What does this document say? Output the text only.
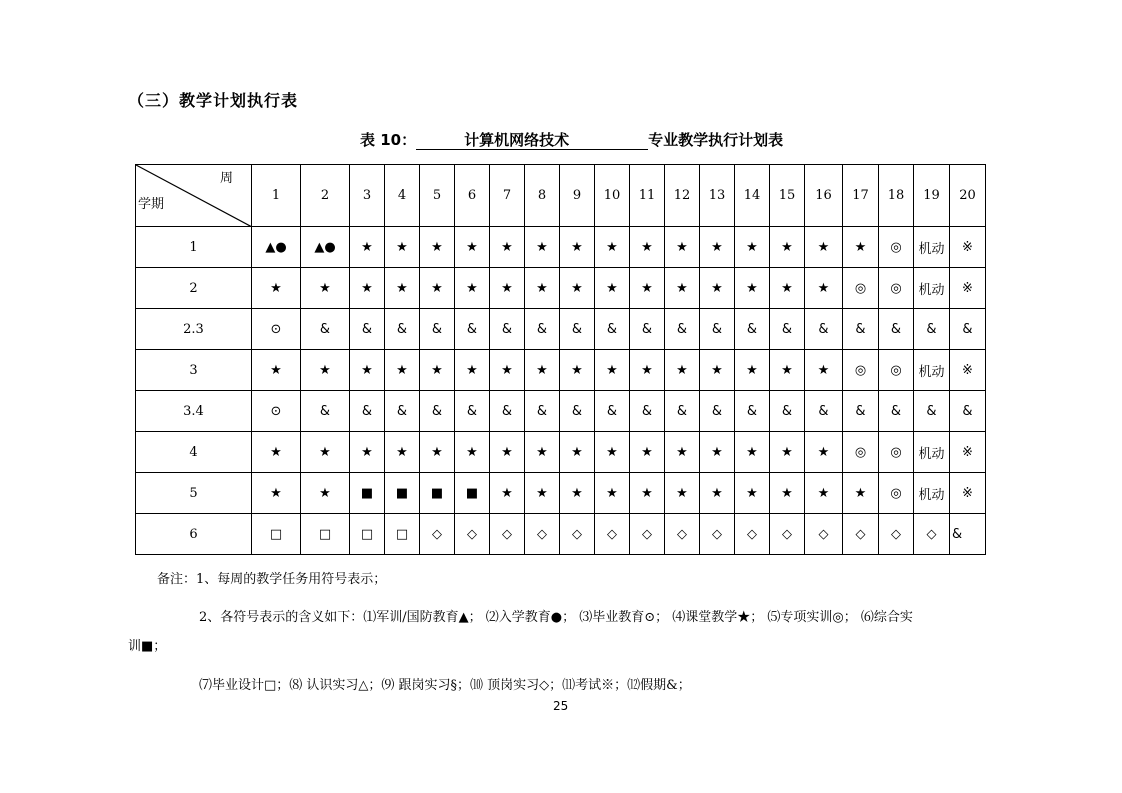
（三）教学计划执行表
表 10：	计算机网络技术	专业教学执行计划表
周
学期	1	2	3	4	5	6	7	8	9	10	11	12	13	14	15	16	17	18	19	20
1	▲●	▲●	★	★	★	★	★	★	★	★	★	★	★	★	★	★	★	◎	机动	※
2	★	★	★	★	★	★	★	★	★	★	★	★	★	★	★	★	◎	◎	机动	※
2.3	⊙	&	&	&	&	&	&	&	&	&	&	&	&	&	&	&	&	&	&	&
3	★	★	★	★	★	★	★	★	★	★	★	★	★	★	★	★	◎	◎	机动	※
3.4	⊙	&	&	&	&	&	&	&	&	&	&	&	&	&	&	&	&	&	&	&
4	★	★	★	★	★	★	★	★	★	★	★	★	★	★	★	★	◎	◎	机动	※
5	★	★	■	■	■	■	★	★	★	★	★	★	★	★	★	★	★	◎	机动	※
6	□	□	□	□	◇	◇	◇	◇	◇	◇	◇	◇	◇	◇	◇	◇	◇	◇	◇	&
备注：1、每周的教学任务用符号表示；
2、各符号表示的含义如下：⑴军训/国防教育▲； ⑵入学教育●； ⑶毕业教育⊙； ⑷课堂教学★； ⑸专项实训◎； ⑹综合实
训■；
⑺毕业设计□；⑻ 认识实习△；⑼ 跟岗实习§；⑽ 顶岗实习◇；⑾考试※；⑿假期&；
25
